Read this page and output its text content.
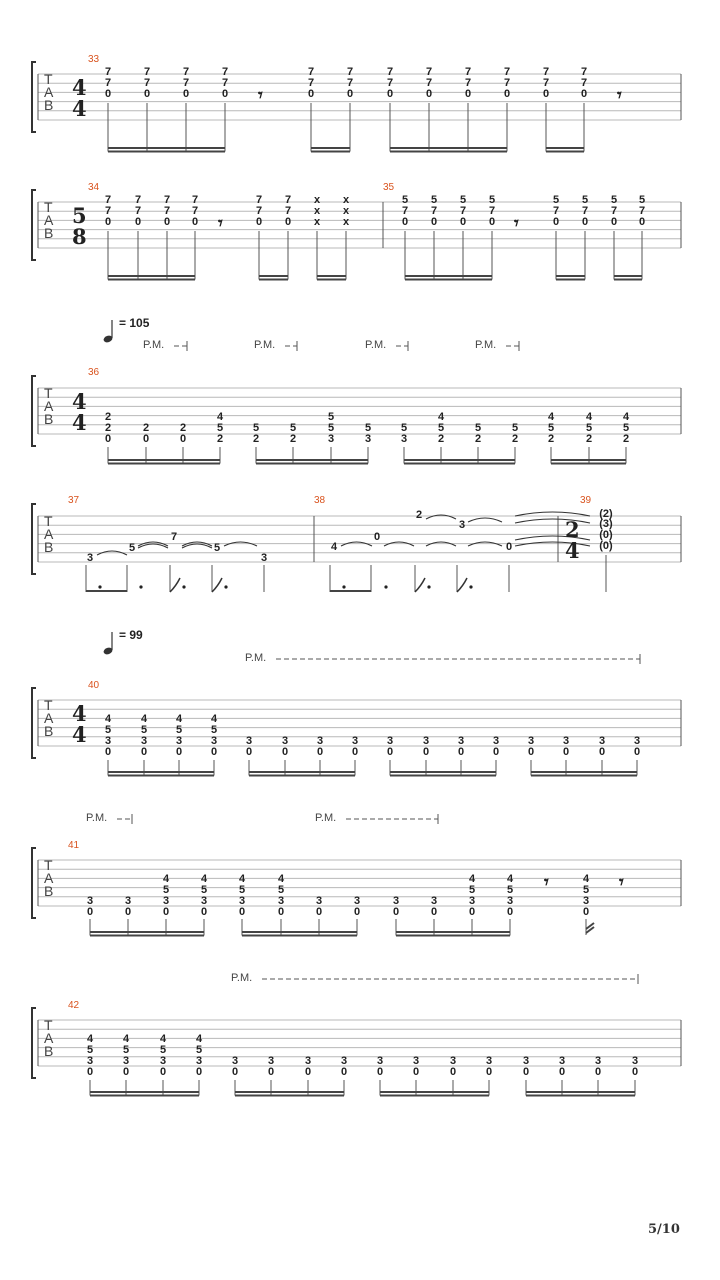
T
A
B
4
4
33
7
7
0
7
7
0
7
7
0
7
7
0
7
7
0
7
7
0
7
7
0
7
7
0
7
7
0
7
7
0
7
7
0
7
7
0
𝄾	𝄾
T
A
B
5
8
34	35
7
7
0
7
7
0
7
7
0
7
7
0
7
7
0
7
7
0
x
x
x
x
x
x
𝄾
5
7
0
5
7
0
5
7
0
5
7
0
5
7
0
5
7
0
5
7
0
5
7
0
𝄾
= 105
P.M.	P.M.	P.M.	P.M.
T
A
B
4
4
36
2
2
0
2
0
2
0
4
5
2
5
2
5
2
5
5
3
5
3
5
3
4
5
2
5
2
5
2
4
5
2
4
5
2
4
5
2
T
A
B
37	38	39
3
5
7
5
3
4
0
2
3
0
2
4
(2)
(3)
(0)
(0)
= 99
P.M.
T
A
B
4
4
40
4
5
3
0
4
5
3
0
4
5
3
0
4
5
3
0
3
0
3
0
3
0
3
0
3
0
3
0
3
0
3
0
3
0
3
0
3
0
3
0
P.M.	P.M.
T
A
B
41
3
0
3
0
4
5
3
0
4
5
3
0
4
5
3
0
4
5
3
0
3
0
3
0
3
0
3
0
4
5
3
0
4
5
3
0
4
5
3
0
𝄾	𝄾
P.M.
T
A
B
42
4
5
3
0
4
5
3
0
4
5
3
0
4
5
3
0
3
0
3
0
3
0
3
0
3
0
3
0
3
0
3
0
3
0
3
0
3
0
3
0
5/10
